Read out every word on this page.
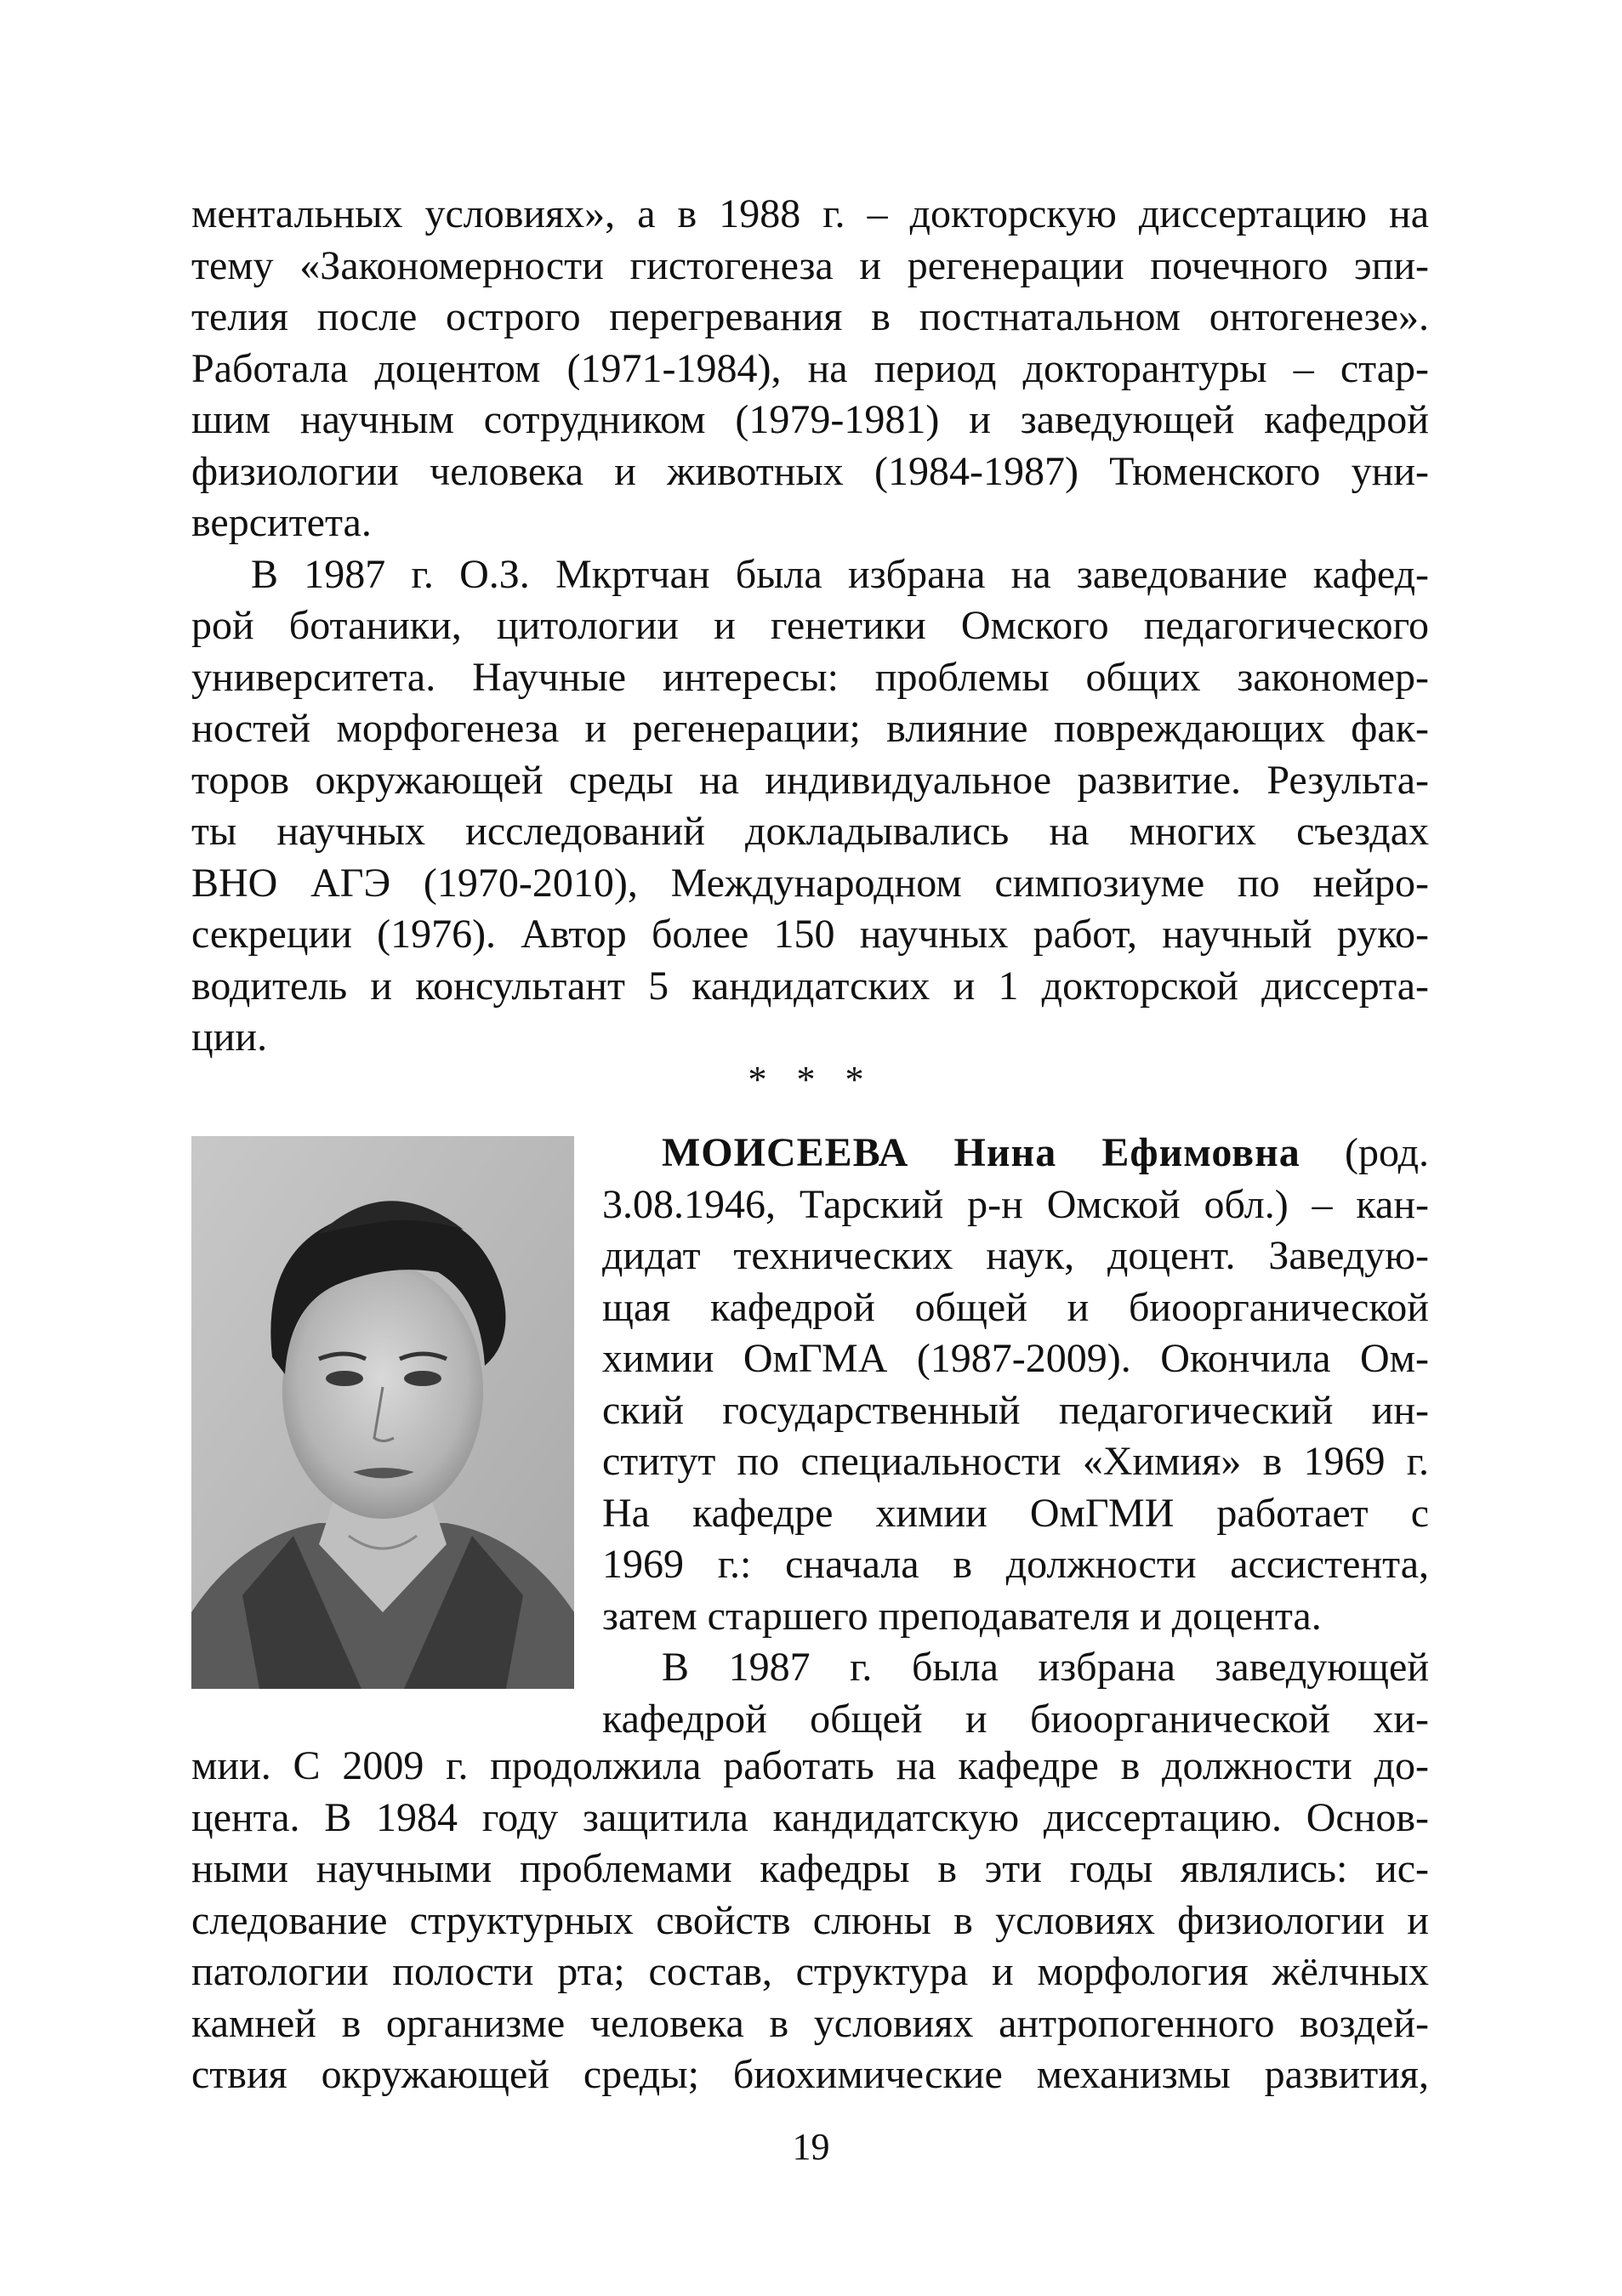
ментальных условиях», а в 1988 г. – докторскую диссертацию на
тему «Закономерности гистогенеза и регенерации почечного эпи-
телия после острого перегревания в постнатальном онтогенезе».
Работала доцентом (1971-1984), на период докторантуры – стар-
шим научным сотрудником (1979-1981) и заведующей кафедрой
физиологии человека и животных (1984-1987) Тюменского уни-
верситета.
В 1987 г. О.З. Мкртчан была избрана на заведование кафед-
рой ботаники, цитологии и генетики Омского педагогического
университета. Научные интересы: проблемы общих закономер-
ностей морфогенеза и регенерации; влияние повреждающих фак-
торов окружающей среды на индивидуальное развитие. Результа-
ты научных исследований докладывались на многих съездах
ВНО АГЭ (1970-2010), Международном симпозиуме по нейро-
секреции (1976). Автор более 150 научных работ, научный руко-
водитель и консультант 5 кандидатских и 1 докторской диссерта-
ции.
* * *
МОИСЕЕВА Нина Ефимовна (род.
3.08.1946, Тарский р-н Омской обл.) – кан-
дидат технических наук, доцент. Заведую-
щая кафедрой общей и биоорганической
химии ОмГМА (1987-2009). Окончила Ом-
ский государственный педагогический ин-
ститут по специальности «Химия» в 1969 г.
На кафедре химии ОмГМИ работает с
1969 г.: сначала в должности ассистента,
затем старшего преподавателя и доцента.
В 1987 г. была избрана заведующей
кафедрой общей и биоорганической хи-
мии. С 2009 г. продолжила работать на кафедре в должности до-
цента. В 1984 году защитила кандидатскую диссертацию. Основ-
ными научными проблемами кафедры в эти годы являлись: ис-
следование структурных свойств слюны в условиях физиологии и
патологии полости рта; состав, структура и морфология жёлчных
камней в организме человека в условиях антропогенного воздей-
ствия окружающей среды; биохимические механизмы развития,
19
